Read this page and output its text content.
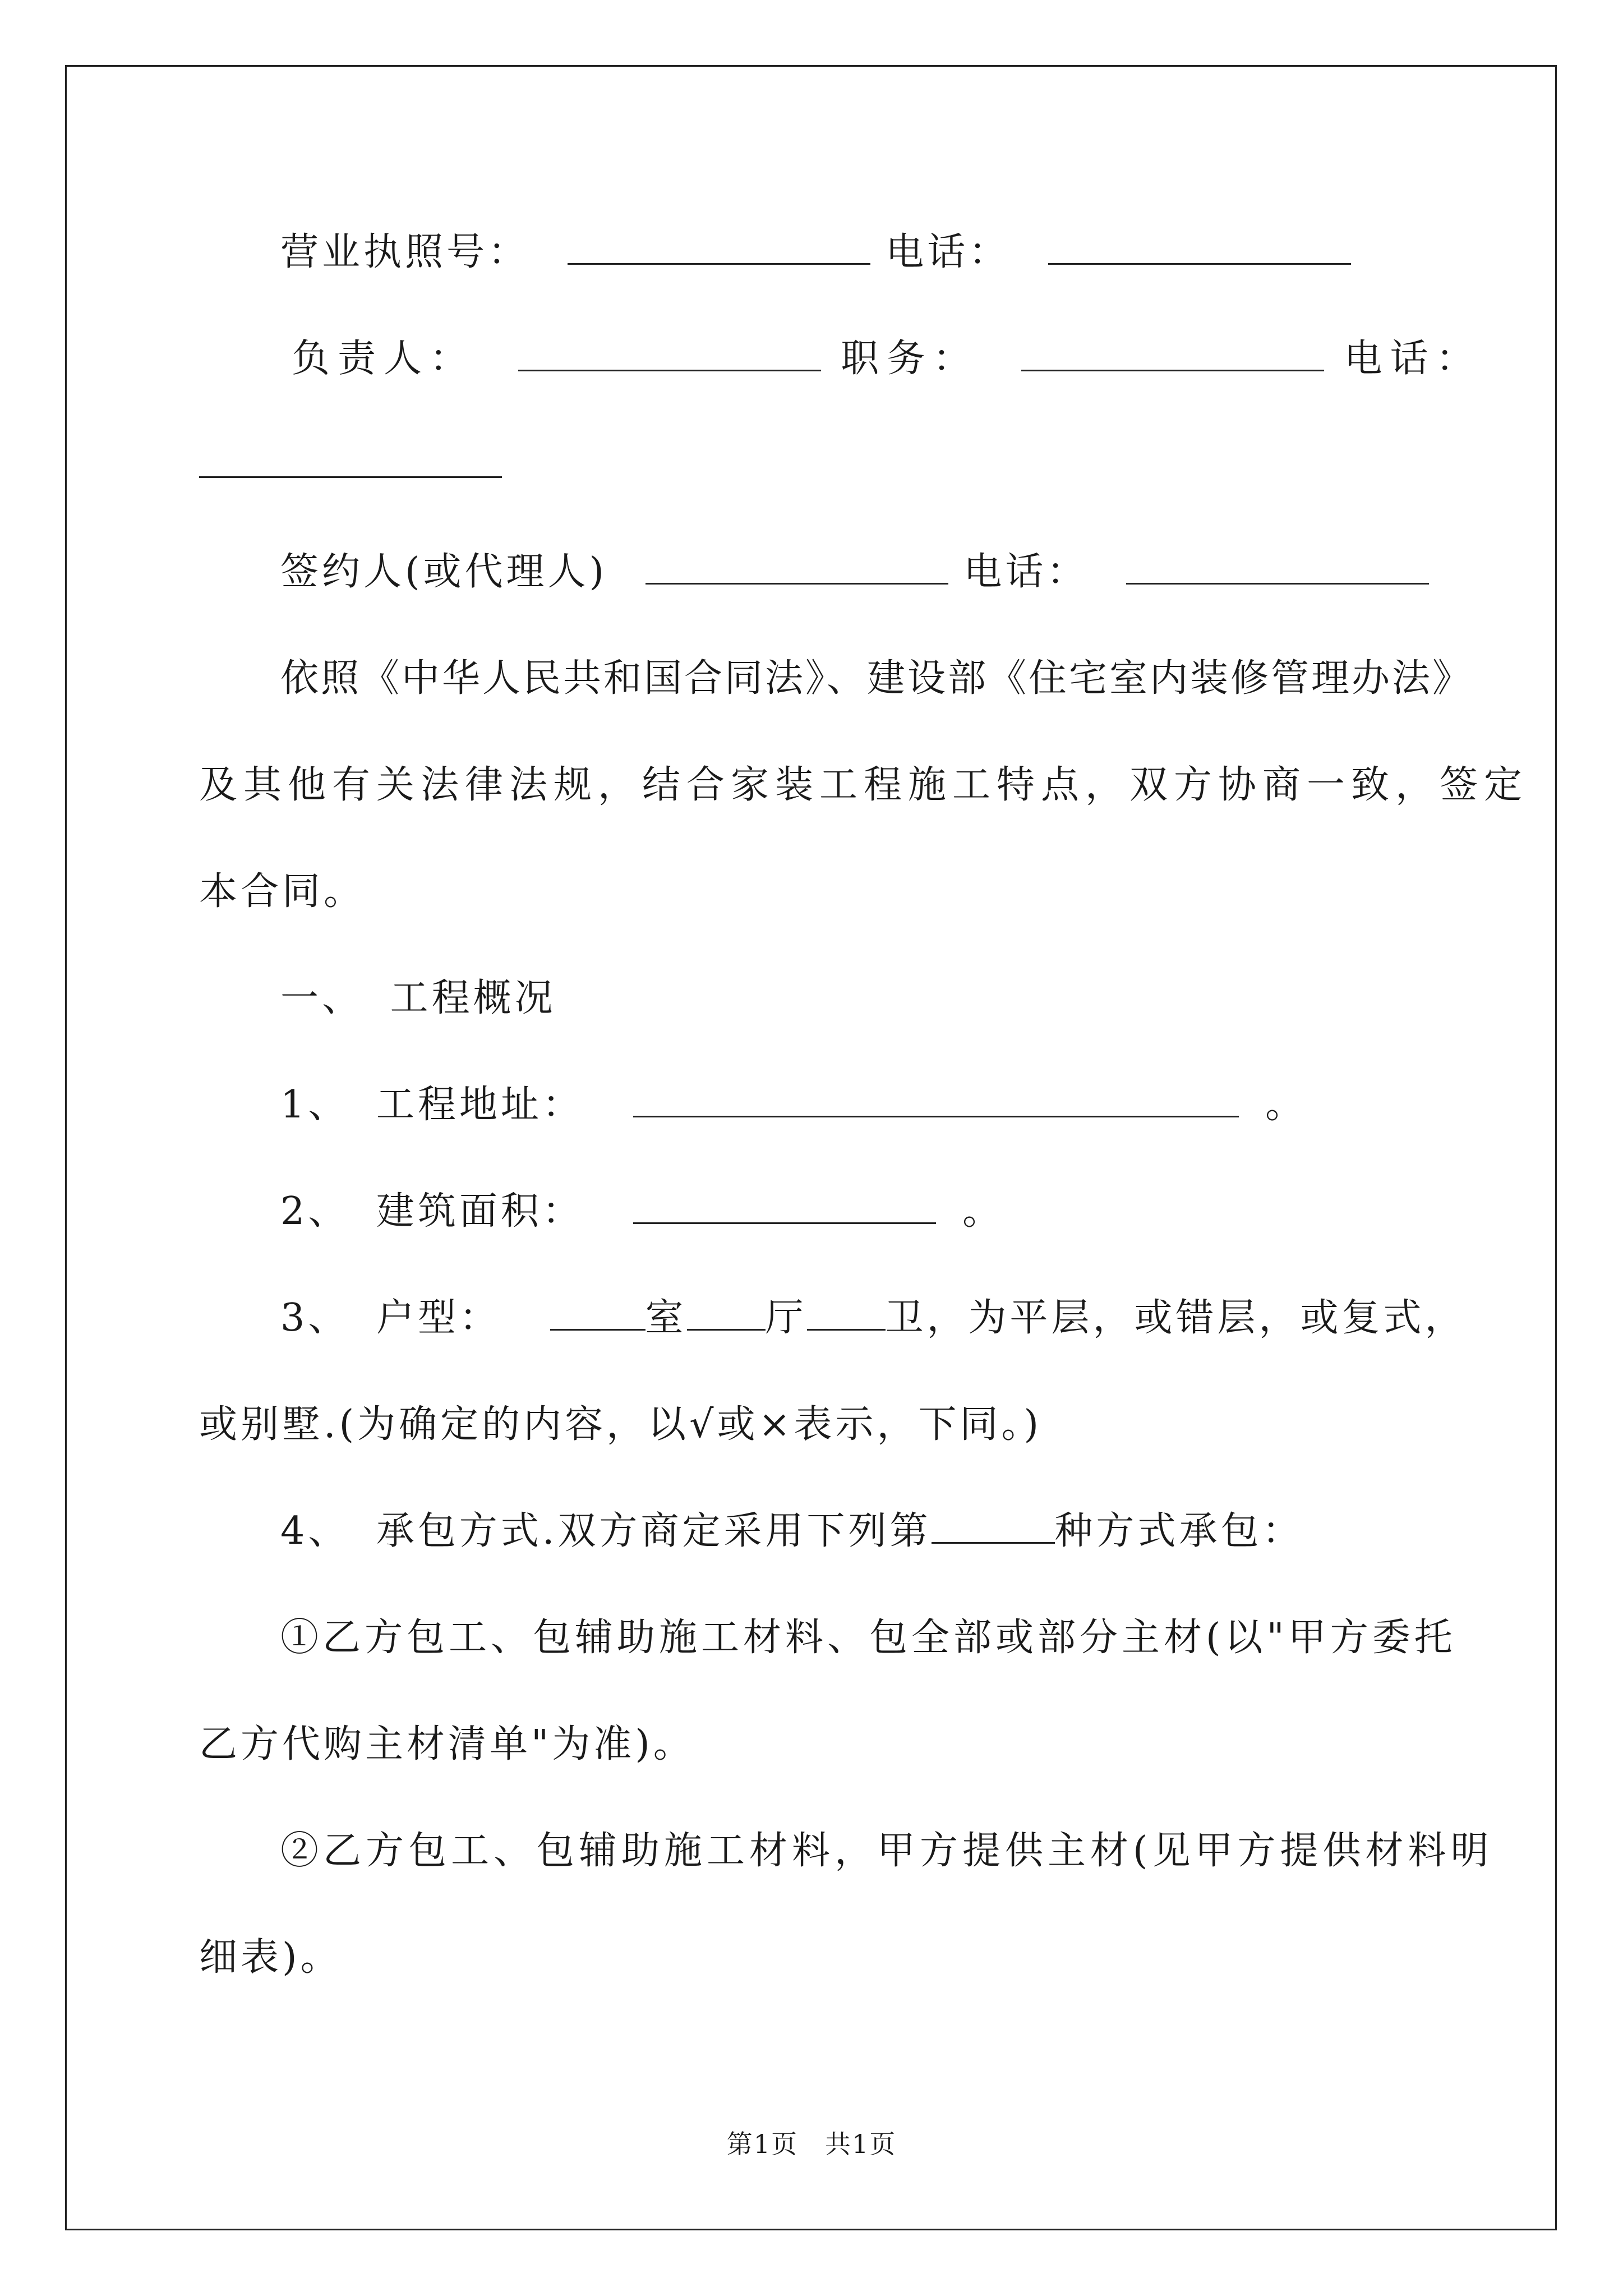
营业执照号：	电话：
负责人：	职务：	电话：
签约人(或代理人)	电话：
依照《中华人民共和国合同法》、建设部《住宅室内装修管理办法》
及其他有关法律法规，结合家装工程施工特点，双方协商一致，签定
本合同。
一、 工程概况
1、 工程地址：	。
2、 建筑面积：	。
3、 户型：	室 厅 卫，为平层，或错层，或复式，
或别墅.(为确定的内容，以√或×表示，下同。)
4、 承包方式.双方商定采用下列第	种方式承包：
①乙方包工、包辅助施工材料、包全部或部分主材(以"甲方委托
乙方代购主材清单"为准)。
②乙方包工、包辅助施工材料，甲方提供主材(见甲方提供材料明
细表)。
第1页　共1页
